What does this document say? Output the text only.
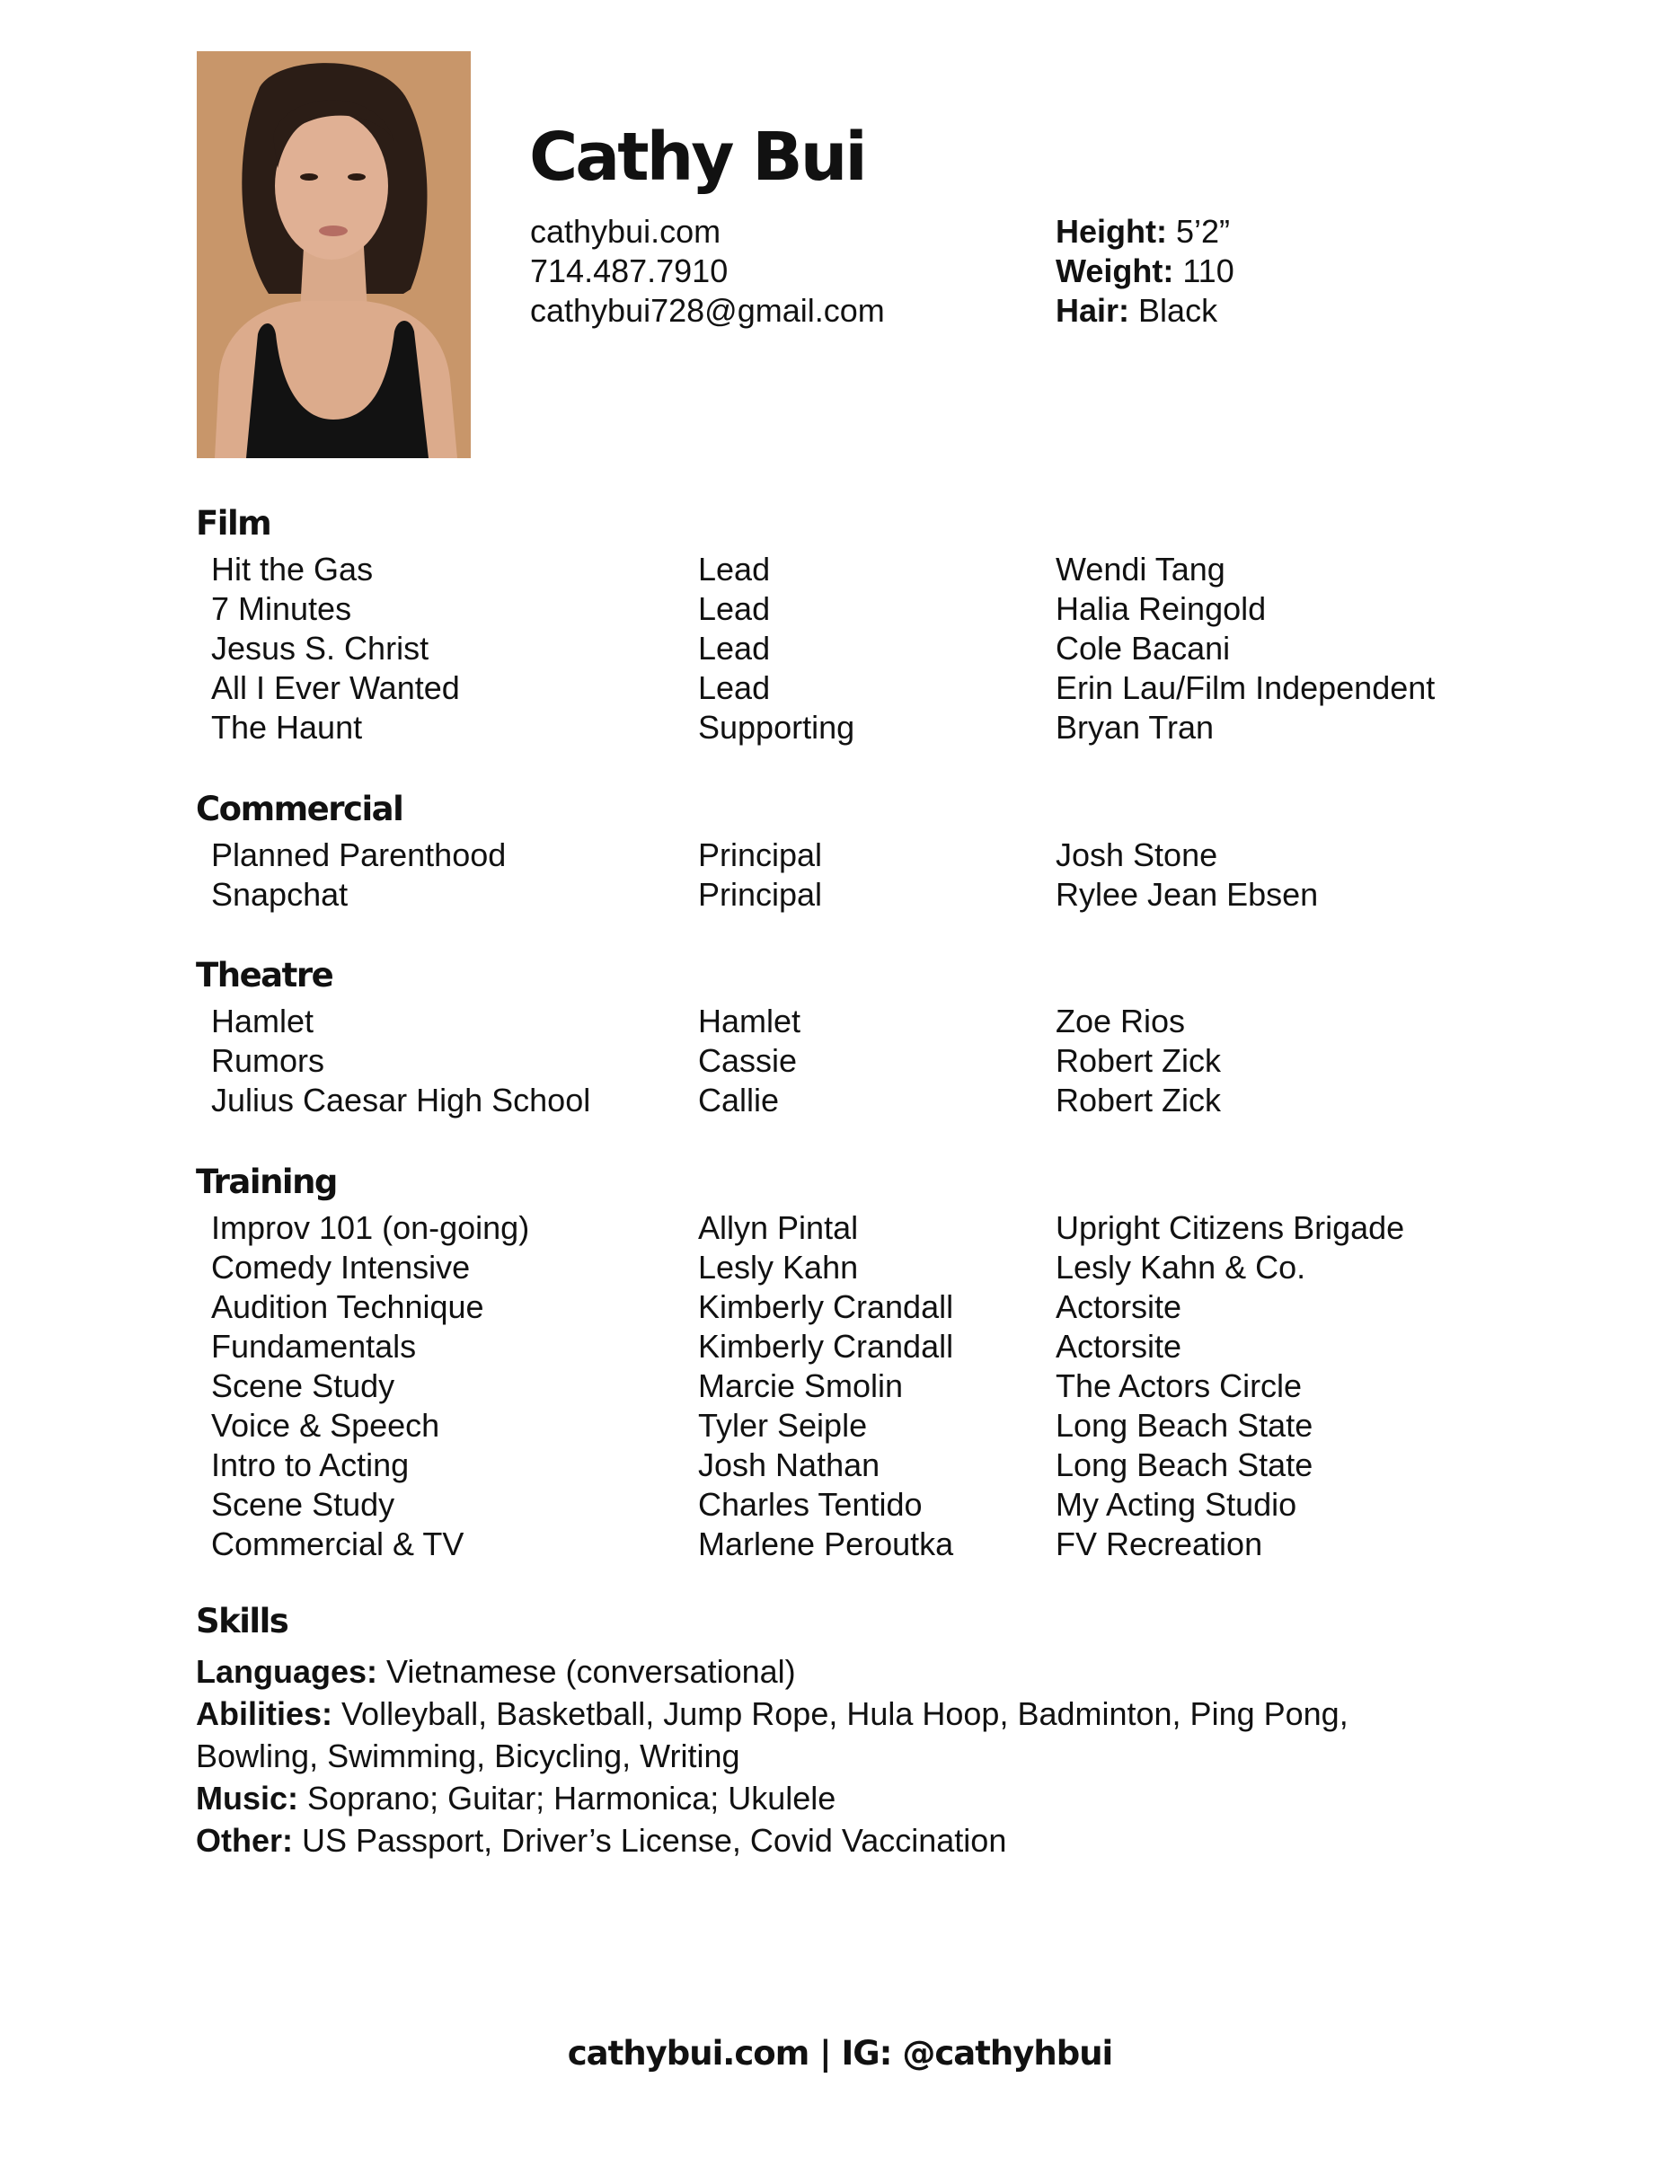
Cathy Bui
cathybui.com
714.487.7910
cathybui728@gmail.com
Height: 5’2”
Weight: 110
Hair: Black
Film
Hit the Gas	Lead	Wendi Tang
7 Minutes	Lead	Halia Reingold
Jesus S. Christ	Lead	Cole Bacani
All I Ever Wanted	Lead	Erin Lau/Film Independent
The Haunt	Supporting	Bryan Tran
Commercial
Planned Parenthood	Principal	Josh Stone
Snapchat	Principal	Rylee Jean Ebsen
Theatre
Hamlet	Hamlet	Zoe Rios
Rumors	Cassie	Robert Zick
Julius Caesar High School	Callie	Robert Zick
Training
Improv 101 (on-going)	Allyn Pintal	Upright Citizens Brigade
Comedy Intensive	Lesly Kahn	Lesly Kahn & Co.
Audition Technique	Kimberly Crandall	Actorsite
Fundamentals	Kimberly Crandall	Actorsite
Scene Study	Marcie Smolin	The Actors Circle
Voice & Speech	Tyler Seiple	Long Beach State
Intro to Acting	Josh Nathan	Long Beach State
Scene Study	Charles Tentido	My Acting Studio
Commercial & TV	Marlene Peroutka	FV Recreation
Skills

Languages: Vietnamese (conversational)

Abilities: Volleyball, Basketball, Jump Rope, Hula Hoop, Badminton, Ping Pong, Bowling, Swimming, Bicycling, Writing

Music: Soprano; Guitar; Harmonica; Ukulele

Other: US Passport, Driver’s License, Covid Vaccination

cathybui.com | IG: @cathyhbui
